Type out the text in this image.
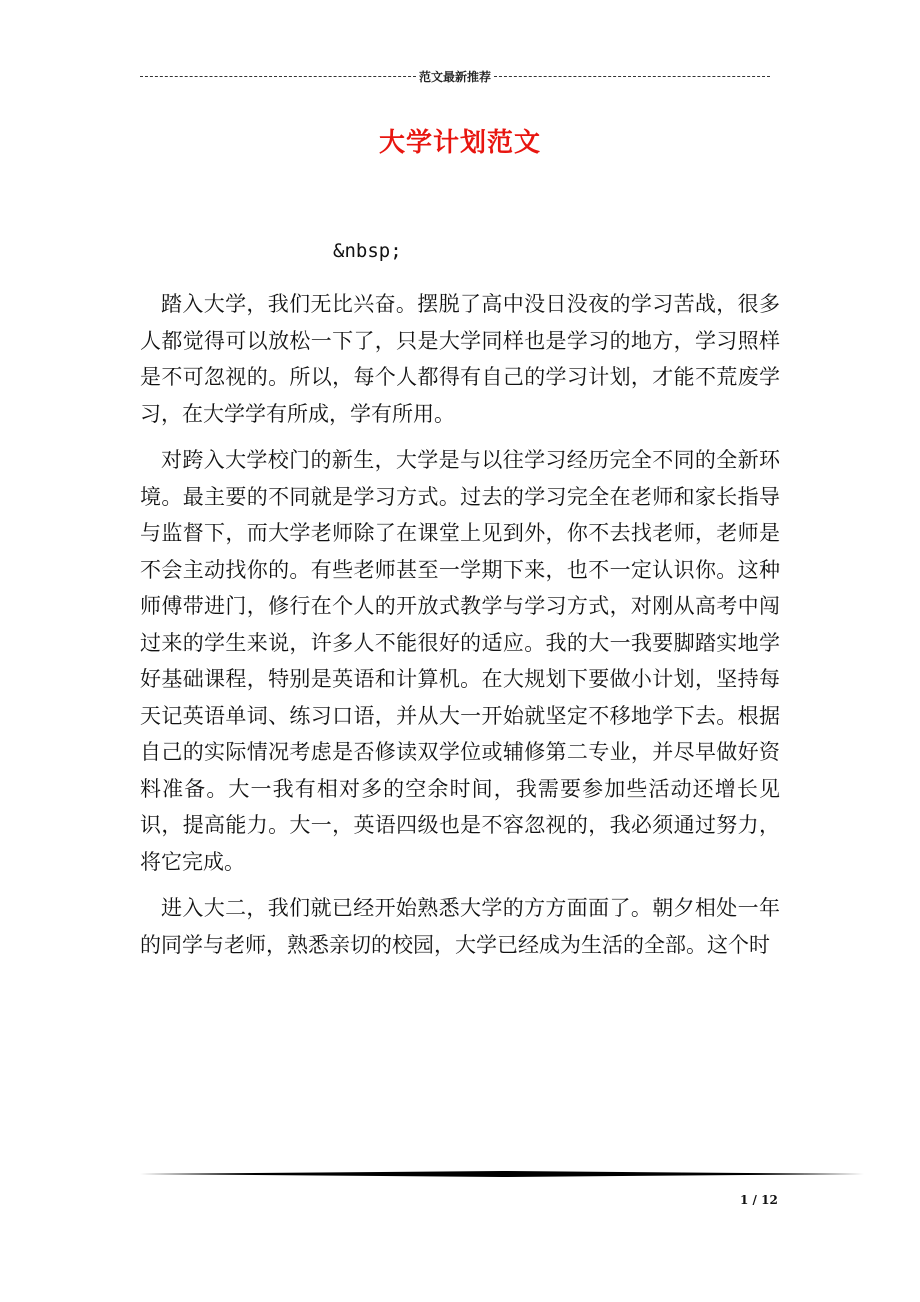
范文最新推荐
大学计划范文
&nbsp;

踏入大学，我们无比兴奋。摆脱了高中没日没夜的学习苦战，很多人都觉得可以放松一下了，只是大学同样也是学习的地方，学习照样是不可忽视的。所以，每个人都得有自己的学习计划，才能不荒废学习，在大学学有所成，学有所用。

对跨入大学校门的新生，大学是与以往学习经历完全不同的全新环境。最主要的不同就是学习方式。过去的学习完全在老师和家长指导与监督下，而大学老师除了在课堂上见到外，你不去找老师，老师是不会主动找你的。有些老师甚至一学期下来，也不一定认识你。这种师傅带进门，修行在个人的开放式教学与学习方式，对刚从高考中闯过来的学生来说，许多人不能很好的适应。我的大一我要脚踏实地学好基础课程，特别是英语和计算机。在大规划下要做小计划，坚持每天记英语单词、练习口语，并从大一开始就坚定不移地学下去。根据自己的实际情况考虑是否修读双学位或辅修第二专业，并尽早做好资料准备。大一我有相对多的空余时间，我需要参加些活动还增长见识，提高能力。大一，英语四级也是不容忽视的，我必须通过努力，将它完成。

进入大二，我们就已经开始熟悉大学的方方面面了。朝夕相处一年的同学与老师，熟悉亲切的校园，大学已经成为生活的全部。这个时

1 / 12
